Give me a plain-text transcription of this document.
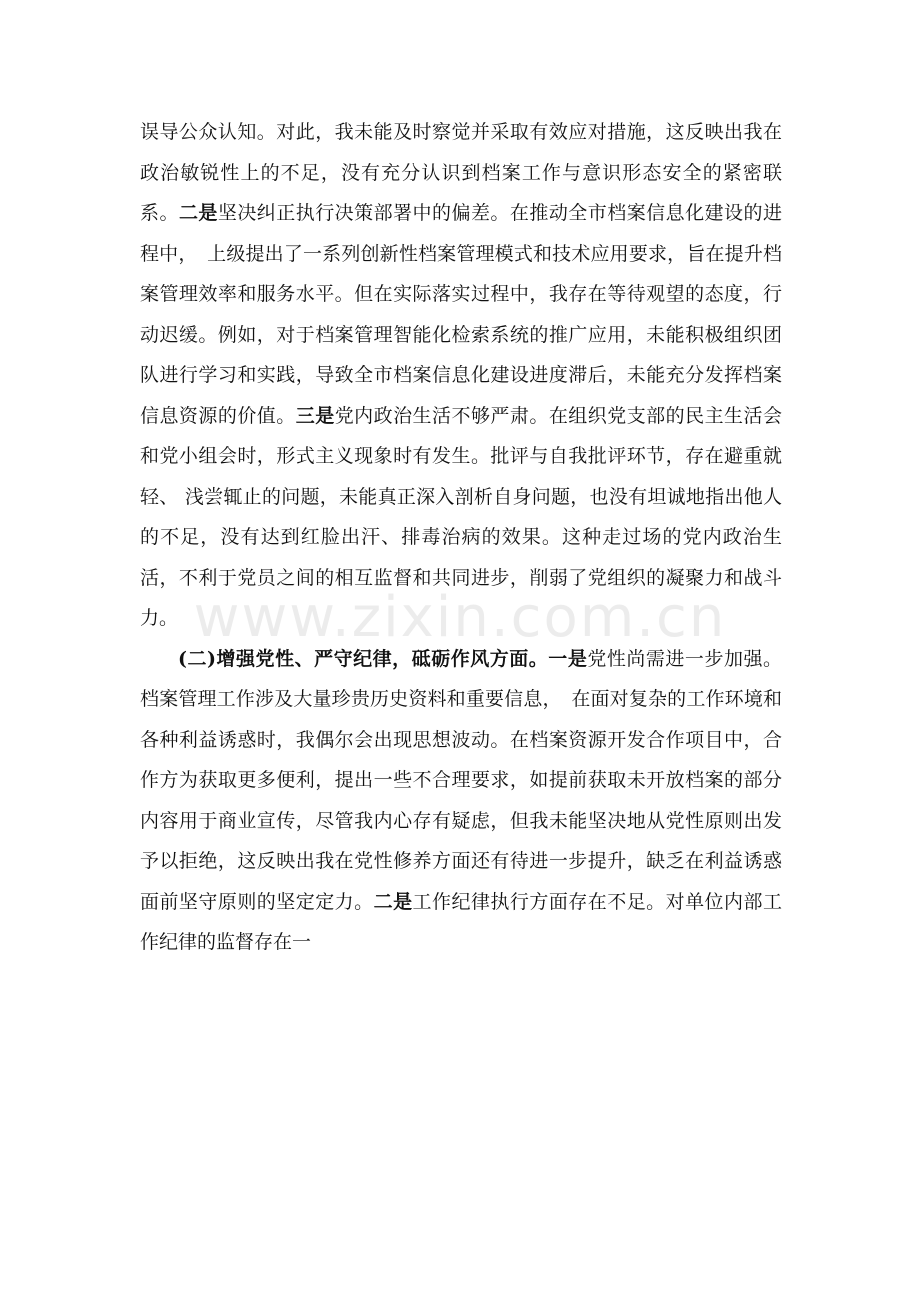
误导公众认知。对此，我未能及时察觉并采取有效应对措施，这反映出我在政治敏锐性上的不足，没有充分认识到档案工作与意识形态安全的紧密联系。二是坚决纠正执行决策部署中的偏差。在推动全市档案信息化建设的进程中，　上级提出了一系列创新性档案管理模式和技术应用要求，旨在提升档案管理效率和服务水平。但在实际落实过程中，我存在等待观望的态度，行动迟缓。例如，对于档案管理智能化检索系统的推广应用，未能积极组织团队进行学习和实践，导致全市档案信息化建设进度滞后，未能充分发挥档案信息资源的价值。三是党内政治生活不够严肃。在组织党支部的民主生活会和党小组会时，形式主义现象时有发生。批评与自我批评环节，存在避重就轻、 浅尝辄止的问题，未能真正深入剖析自身问题，也没有坦诚地指出他人的不足，没有达到红脸出汗、排毒治病的效果。这种走过场的党内政治生活，不利于党员之间的相互监督和共同进步，削弱了党组织的凝聚力和战斗力。

(二)增强党性、严守纪律，砥砺作风方面。一是党性尚需进一步加强。档案管理工作涉及大量珍贵历史资料和重要信息，　在面对复杂的工作环境和各种利益诱惑时，我偶尔会出现思想波动。在档案资源开发合作项目中，合作方为获取更多便利，提出一些不合理要求，如提前获取未开放档案的部分内容用于商业宣传，尽管我内心存有疑虑，但我未能坚决地从党性原则出发予以拒绝，这反映出我在党性修养方面还有待进一步提升，缺乏在利益诱惑面前坚守原则的坚定定力。二是工作纪律执行方面存在不足。对单位内部工作纪律的监督存在一

www.zixin.com.cn
